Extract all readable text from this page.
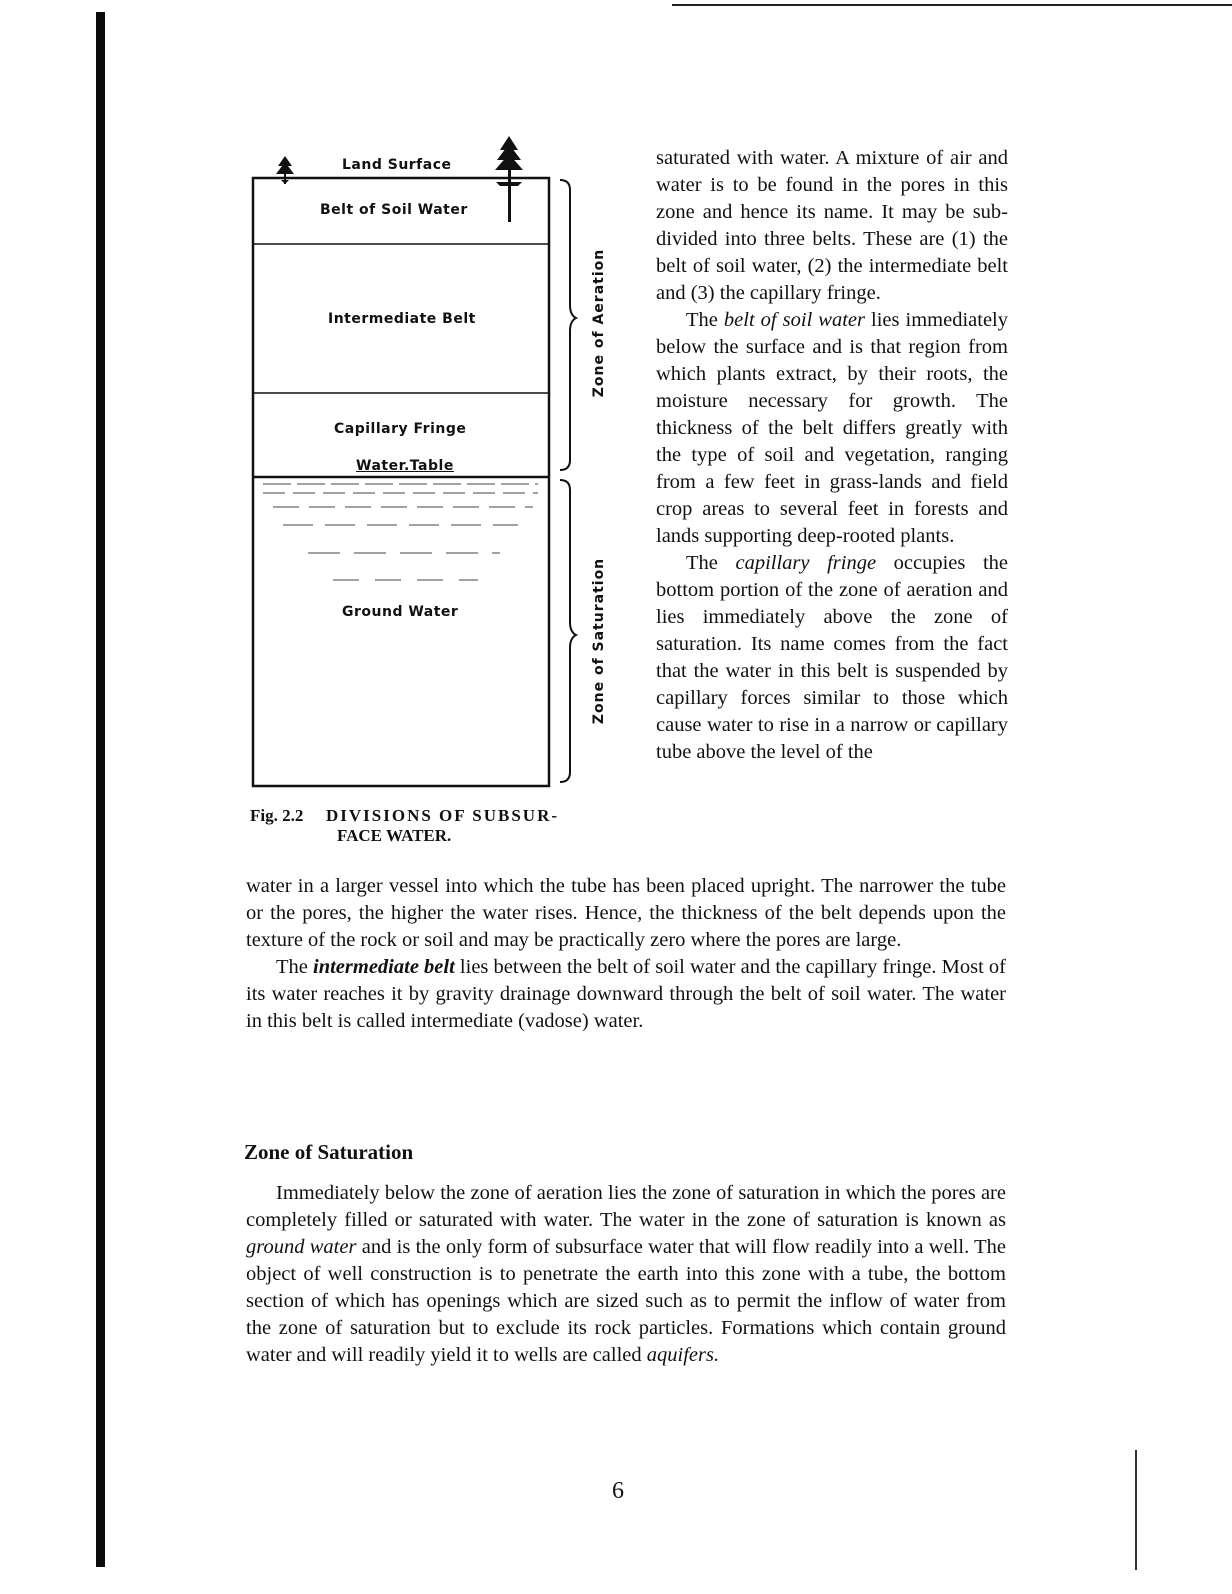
Land Surface
Belt of Soil Water
Intermediate Belt
Capillary Fringe
Water.Table
Ground Water
Zone of Aeration
Zone of Saturation
Fig. 2.2 DIVISIONS OF SUBSUR-
FACE WATER.

saturated with water. A mixture of air and water is to be found in the pores in this zone and hence its name. It may be sub-divided into three belts. These are (1) the belt of soil water, (2) the intermediate belt and (3) the capillary fringe.

The belt of soil water lies immediately below the surface and is that region from which plants extract, by their roots, the moisture necessary for growth. The thickness of the belt differs greatly with the type of soil and vegetation, ranging from a few feet in grass-lands and field crop areas to several feet in forests and lands supporting deep-rooted plants.

The capillary fringe occupies the bottom portion of the zone of aeration and lies immediately above the zone of saturation. Its name comes from the fact that the water in this belt is suspended by capillary forces similar to those which cause water to rise in a narrow or capillary tube above the level of the

water in a larger vessel into which the tube has been placed upright. The narrower the tube or the pores, the higher the water rises. Hence, the thickness of the belt depends upon the texture of the rock or soil and may be practically zero where the pores are large.

The intermediate belt lies between the belt of soil water and the capillary fringe. Most of its water reaches it by gravity drainage downward through the belt of soil water. The water in this belt is called intermediate (vadose) water.

Zone of Saturation

Immediately below the zone of aeration lies the zone of saturation in which the pores are completely filled or saturated with water. The water in the zone of saturation is known as ground water and is the only form of subsurface water that will flow readily into a well. The object of well construction is to penetrate the earth into this zone with a tube, the bottom section of which has openings which are sized such as to permit the inflow of water from the zone of saturation but to exclude its rock particles. Formations which contain ground water and will readily yield it to wells are called aquifers.

6
